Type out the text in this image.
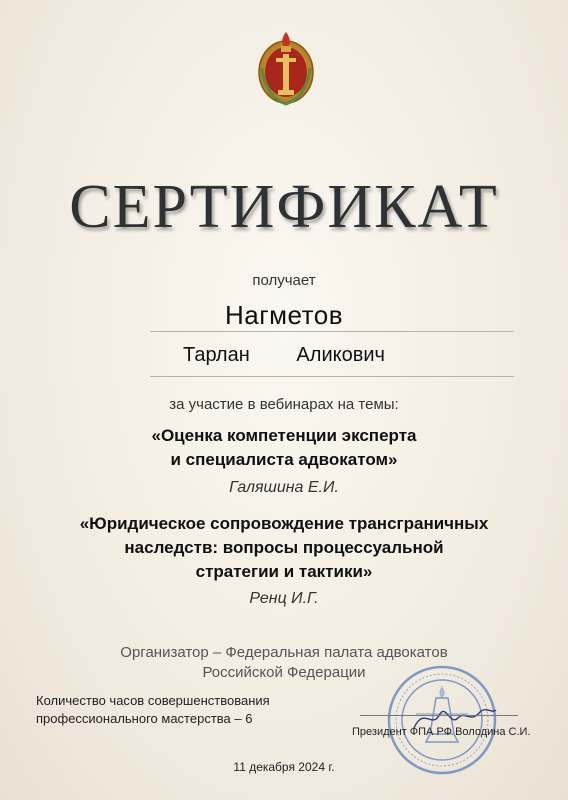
СЕРТИФИКАТ
получает
Нагметов
Тарлан   Аликович
за участие в вебинарах на темы:
«Оценка компетенции эксперта
и специалиста адвокатом»
Галяшина Е.И.
«Юридическое сопровождение трансграничных
наследств: вопросы процессуальной
стратегии и тактики»
Ренц И.Г.
Организатор – Федеральная палата адвокатов
Российской Федерации
Количество часов совершенствования
профессионального мастерства – 6
Президент ФПА РФ Володина С.И.
11 декабря 2024 г.
